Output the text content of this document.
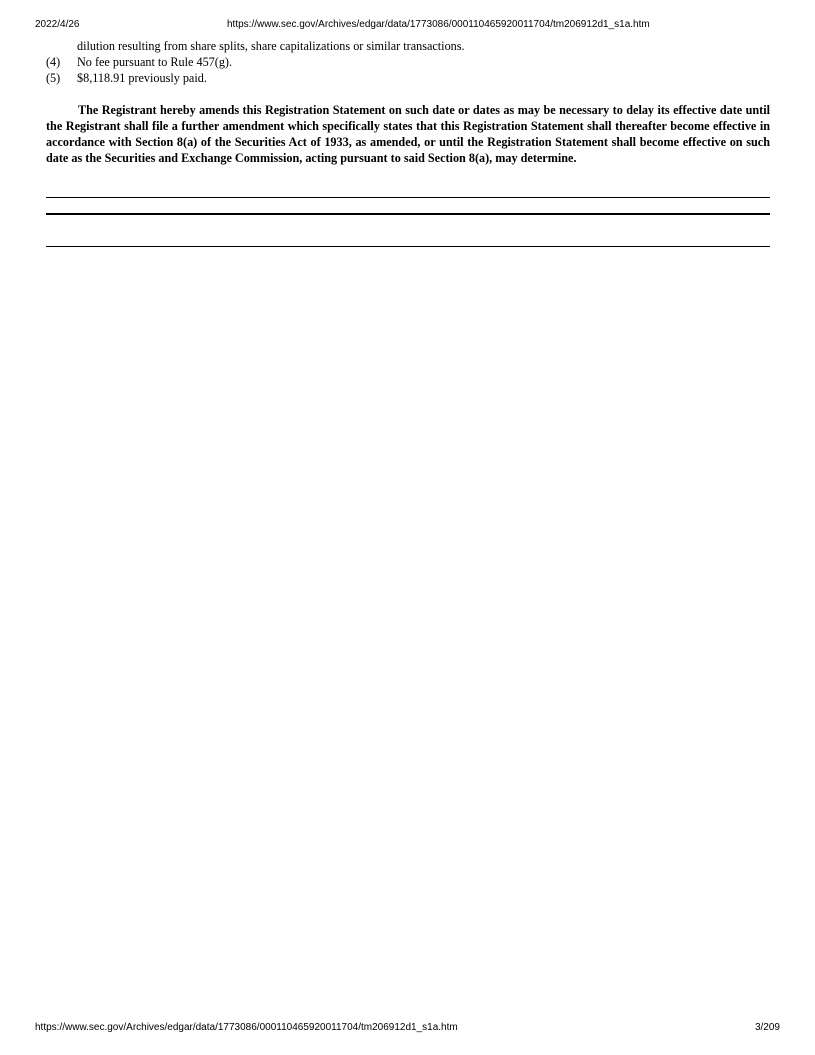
2022/4/26	https://www.sec.gov/Archives/edgar/data/1773086/000110465920011704/tm206912d1_s1a.htm
dilution resulting from share splits, share capitalizations or similar transactions.
(4)	No fee pursuant to Rule 457(g).
(5)	$8,118.91 previously paid.
The Registrant hereby amends this Registration Statement on such date or dates as may be necessary to delay its effective date until the Registrant shall file a further amendment which specifically states that this Registration Statement shall thereafter become effective in accordance with Section 8(a) of the Securities Act of 1933, as amended, or until the Registration Statement shall become effective on such date as the Securities and Exchange Commission, acting pursuant to said Section 8(a), may determine.
https://www.sec.gov/Archives/edgar/data/1773086/000110465920011704/tm206912d1_s1a.htm	3/209
